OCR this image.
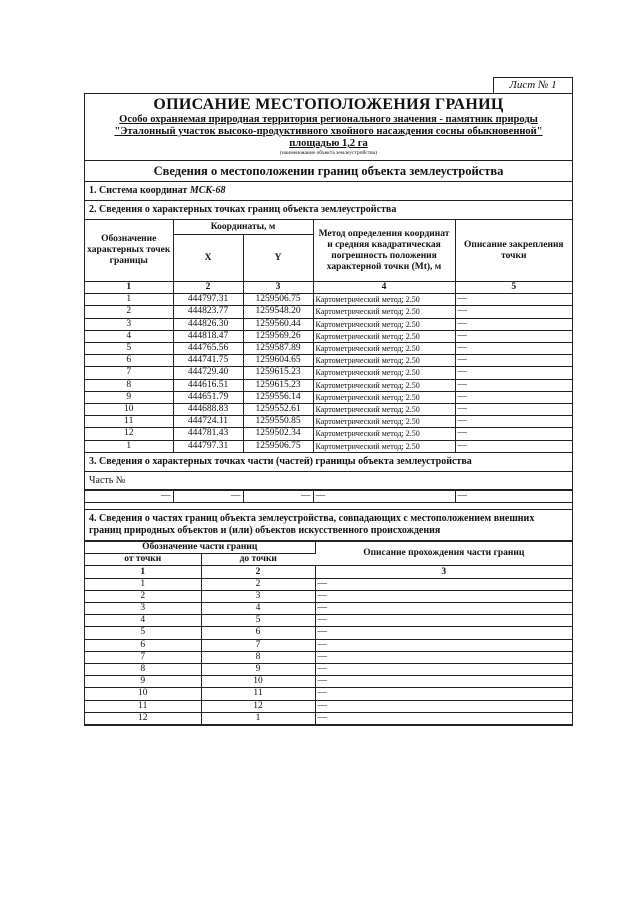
Лист № 1
ОПИСАНИЕ МЕСТОПОЛОЖЕНИЯ ГРАНИЦ
Особо охраняемая природная территория регионального значения - памятник природы
"Эталонный участок высоко-продуктивного хвойного насаждения сосны обыкновенной"
площадью 1,2 га
(наименование объекта землеустройства)
Сведения о местоположении границ объекта землеустройства
1. Система координат МСК-68
2. Сведения о характерных точках границ объекта землеустройства
Обозначение характерных точек границы	Координаты, м		Метод определения координат и средняя квадратическая погрешность положения характерной точки (Mt), м	Описание закрепления точки
	X	Y		
1	2	3	4	5
1	444797.31	1259506.75	Картометрический метод; 2.50	—
2	444823.77	1259548.20	Картометрический метод; 2.50	—
3	444826.30	1259560.44	Картометрический метод; 2.50	—
4	444818.47	1259569.26	Картометрический метод; 2.50	—
5	444765.56	1259587.89	Картометрический метод; 2.50	—
6	444741.75	1259604.65	Картометрический метод; 2.50	—
7	444729.40	1259615.23	Картометрический метод; 2.50	—
8	444616.51	1259615.23	Картометрический метод; 2.50	—
9	444651.79	1259556.14	Картометрический метод; 2.50	—
10	444688.83	1259552.61	Картометрический метод; 2.50	—
11	444724.11	1259550.85	Картометрический метод; 2.50	—
12	444781.43	1259502.34	Картометрический метод; 2.50	—
1	444797.31	1259506.75	Картометрический метод; 2.50	—
3. Сведения о характерных точках части (частей) границы объекта землеустройства
Часть №
—	—	—	—	—
4. Сведения о частях границ объекта землеустройства, совпадающих с местоположением внешних границ природных объектов и (или) объектов искусственного происхождения
Обозначение части границ		Описание прохождения части границ
от точки	до точки	
1	2	3
1	2	—
2	3	—
3	4	—
4	5	—
5	6	—
6	7	—
7	8	—
8	9	—
9	10	—
10	11	—
11	12	—
12	1	—
